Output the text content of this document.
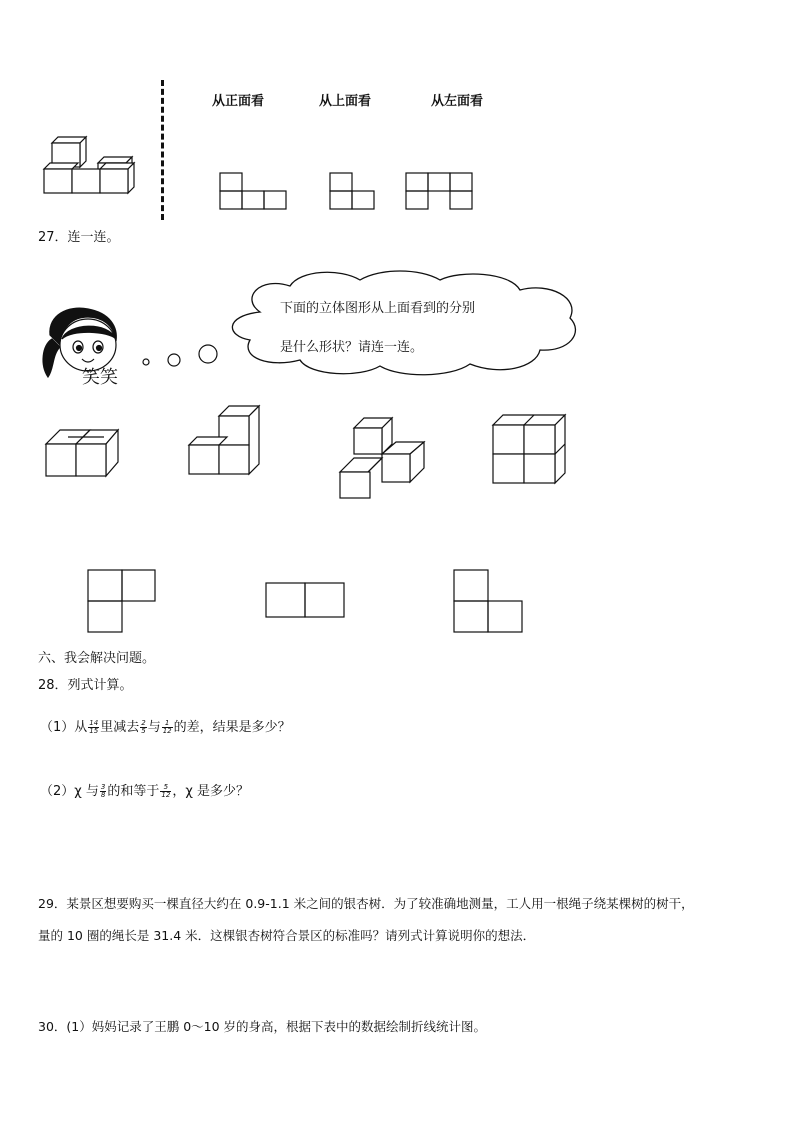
从正面看	从上面看	从左面看
27．连一连。
笑笑
下面的立体图形从上面看到的分别
是什么形状？请连一连。
六、我会解决问题。
28．列式计算。
（1）从 $\frac{14}{15}$ 里减去 $\frac{2}{5}$ 与 $\frac{1}{12}$ 的差，结果是多少？
（2）χ 与 $\frac{3}{8}$ 的和等于 $\frac{5}{12}$ ，χ 是多少？
29．某景区想要购买一棵直径大约在 0.9-1.1 米之间的银杏树．为了较准确地测量，工人用一根绳子绕某棵树的树干，
量的 10 圈的绳长是 31.4 米．这棵银杏树符合景区的标准吗？请列式计算说明你的想法．
30．(1）妈妈记录了王鹏 0～10 岁的身高，根据下表中的数据绘制折线统计图。
